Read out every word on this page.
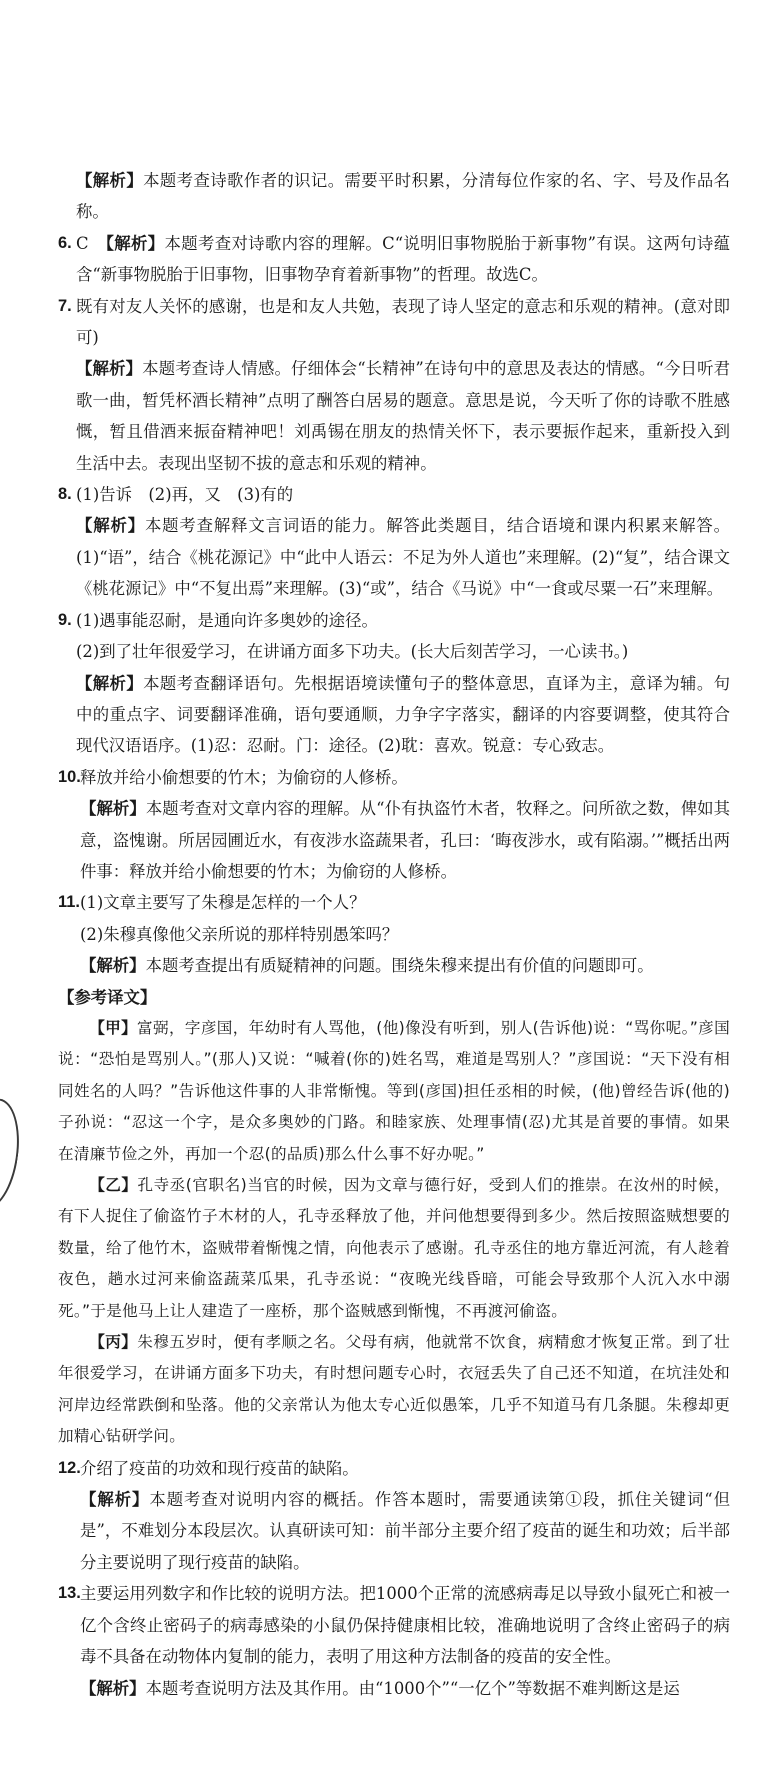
【解析】本题考查诗歌作者的识记。需要平时积累，分清每位作家的名、字、号及作品名称。

6. C　【解析】本题考查对诗歌内容的理解。C“说明旧事物脱胎于新事物”有误。这两句诗蕴含“新事物脱胎于旧事物，旧事物孕育着新事物”的哲理。故选C。

7. 既有对友人关怀的感谢，也是和友人共勉，表现了诗人坚定的意志和乐观的精神。(意对即可)

【解析】本题考查诗人情感。仔细体会“长精神”在诗句中的意思及表达的情感。“今日听君歌一曲，暂凭杯酒长精神”点明了酬答白居易的题意。意思是说，今天听了你的诗歌不胜感慨，暂且借酒来振奋精神吧！刘禹锡在朋友的热情关怀下，表示要振作起来，重新投入到生活中去。表现出坚韧不拔的意志和乐观的精神。

8. (1)告诉　(2)再，又　(3)有的

【解析】本题考查解释文言词语的能力。解答此类题目，结合语境和课内积累来解答。(1)“语”，结合《桃花源记》中“此中人语云：不足为外人道也”来理解。(2)“复”，结合课文《桃花源记》中“不复出焉”来理解。(3)“或”，结合《马说》中“一食或尽粟一石”来理解。

9. (1)遇事能忍耐，是通向许多奥妙的途径。

(2)到了壮年很爱学习，在讲诵方面多下功夫。(长大后刻苦学习，一心读书。)

【解析】本题考查翻译语句。先根据语境读懂句子的整体意思，直译为主，意译为辅。句中的重点字、词要翻译准确，语句要通顺，力争字字落实，翻译的内容要调整，使其符合现代汉语语序。(1)忍：忍耐。门：途径。(2)耽：喜欢。锐意：专心致志。

10. 释放并给小偷想要的竹木；为偷窃的人修桥。

【解析】本题考查对文章内容的理解。从“仆有执盗竹木者，牧释之。问所欲之数，俾如其意，盗愧谢。所居园圃近水，有夜涉水盗蔬果者，孔曰：‘晦夜涉水，或有陷溺。’”概括出两件事：释放并给小偷想要的竹木；为偷窃的人修桥。

11. (1)文章主要写了朱穆是怎样的一个人？

(2)朱穆真像他父亲所说的那样特别愚笨吗？

【解析】本题考查提出有质疑精神的问题。围绕朱穆来提出有价值的问题即可。

【参考译文】

【甲】富弼，字彦国，年幼时有人骂他，(他)像没有听到，别人(告诉他)说：“骂你呢。”彦国说：“恐怕是骂别人。”(那人)又说：“喊着(你的)姓名骂，难道是骂别人？”彦国说：“天下没有相同姓名的人吗？”告诉他这件事的人非常惭愧。等到(彦国)担任丞相的时候，(他)曾经告诉(他的)子孙说：“忍这一个字，是众多奥妙的门路。和睦家族、处理事情(忍)尤其是首要的事情。如果在清廉节俭之外，再加一个忍(的品质)那么什么事不好办呢。”

【乙】孔寺丞(官职名)当官的时候，因为文章与德行好，受到人们的推崇。在汝州的时候，有下人捉住了偷盗竹子木材的人，孔寺丞释放了他，并问他想要得到多少。然后按照盗贼想要的数量，给了他竹木，盗贼带着惭愧之情，向他表示了感谢。孔寺丞住的地方靠近河流，有人趁着夜色，趟水过河来偷盗蔬菜瓜果，孔寺丞说：“夜晚光线昏暗，可能会导致那个人沉入水中溺死。”于是他马上让人建造了一座桥，那个盗贼感到惭愧，不再渡河偷盗。

【丙】朱穆五岁时，便有孝顺之名。父母有病，他就常不饮食，病精愈才恢复正常。到了壮年很爱学习，在讲诵方面多下功夫，有时想问题专心时，衣冠丢失了自己还不知道，在坑洼处和河岸边经常跌倒和坠落。他的父亲常认为他太专心近似愚笨，几乎不知道马有几条腿。朱穆却更加精心钻研学问。

12. 介绍了疫苗的功效和现行疫苗的缺陷。

【解析】本题考查对说明内容的概括。作答本题时，需要通读第①段，抓住关键词“但是”，不难划分本段层次。认真研读可知：前半部分主要介绍了疫苗的诞生和功效；后半部分主要说明了现行疫苗的缺陷。

13. 主要运用列数字和作比较的说明方法。把1000个正常的流感病毒足以导致小鼠死亡和被一亿个含终止密码子的病毒感染的小鼠仍保持健康相比较，准确地说明了含终止密码子的病毒不具备在动物体内复制的能力，表明了用这种方法制备的疫苗的安全性。

【解析】本题考查说明方法及其作用。由“1000个”“一亿个”等数据不难判断这是运
